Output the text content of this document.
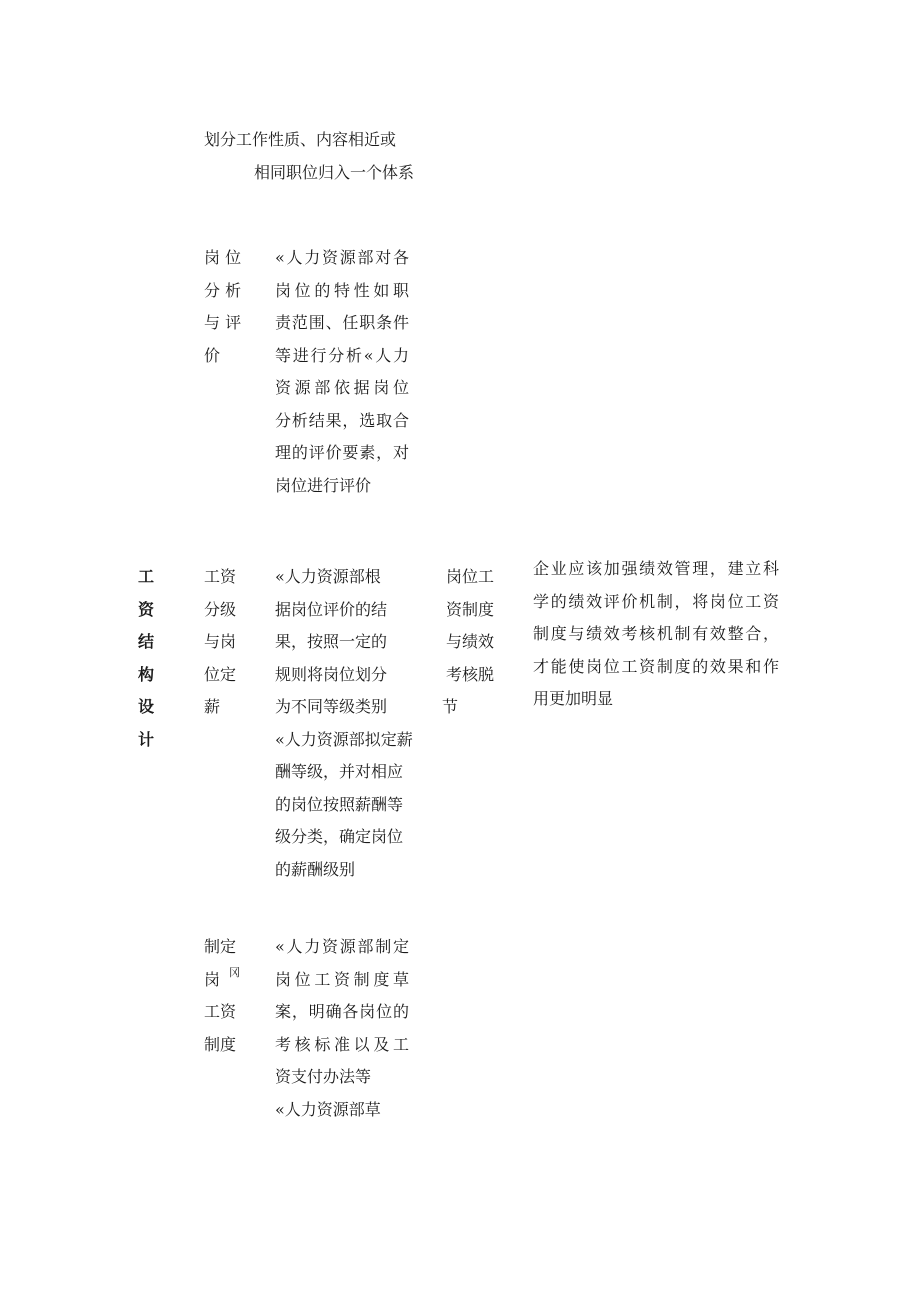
划分工作性质、内容相近或
相同职位归入一个体系
岗 位
分 析
与 评
价
«人力资源部对各
岗位的特性如职
责范围、任职条件
等进行分析«人力
资源部依据岗位
分析结果，选取合
理的评价要素，对
岗位进行评价
工
资
结
构
设
计
工资
分级
与岗
位定
薪
«人力资源部根
据岗位评价的结
果，按照一定的
规则将岗位划分
为不同等级类别
«人力资源部拟定薪
酬等级，并对相应
的岗位按照薪酬等
级分类，确定岗位
的薪酬级别
岗位工
资制度
与绩效
考核脱
节
企业应该加强绩效管理，建立科
学的绩效评价机制，将岗位工资
制度与绩效考核机制有效整合，
才能使岗位工资制度的效果和作
用更加明显
制定
岗 冈
工资
制度
«人力资源部制定
岗位工资制度草
案，明确各岗位的
考核标准以及工
资支付办法等
«人力资源部草
